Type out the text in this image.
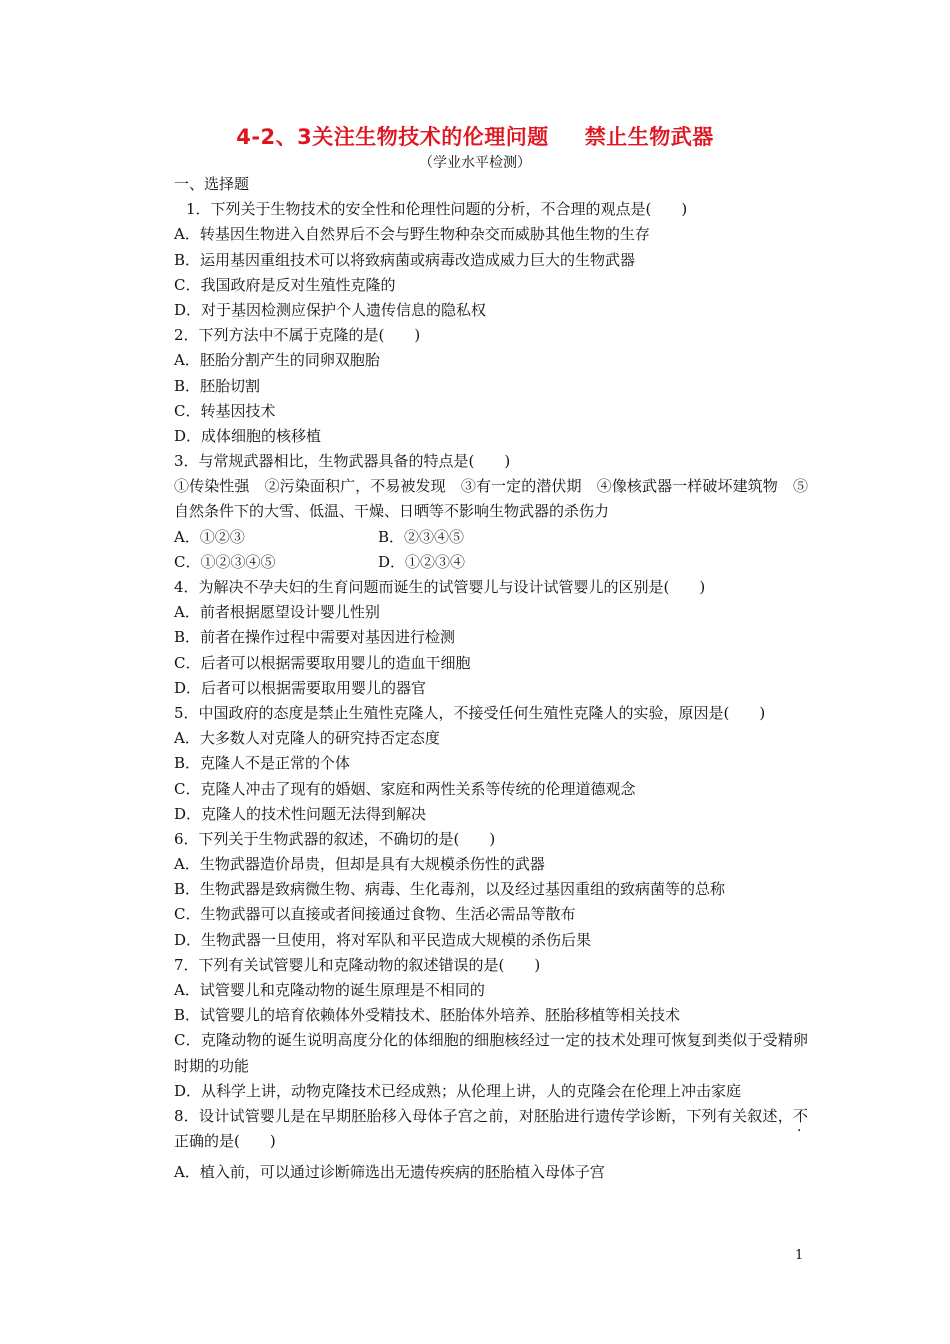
4-2、3关注生物技术的伦理问题 禁止生物武器
（学业水平检测）
一、选择题
1．下列关于生物技术的安全性和伦理性问题的分析，不合理的观点是(　　)
A．转基因生物进入自然界后不会与野生物种杂交而威胁其他生物的生存
B．运用基因重组技术可以将致病菌或病毒改造成威力巨大的生物武器
C．我国政府是反对生殖性克隆的
D．对于基因检测应保护个人遗传信息的隐私权
2．下列方法中不属于克隆的是(　　)
A．胚胎分割产生的同卵双胞胎
B．胚胎切割
C．转基因技术
D．成体细胞的核移植
3．与常规武器相比，生物武器具备的特点是(　　)
①传染性强　②污染面积广，不易被发现　③有一定的潜伏期　④像核武器一样破坏建筑物　⑤自然条件下的大雪、低温、干燥、日晒等不影响生物武器的杀伤力
A．①②③	B．②③④⑤
C．①②③④⑤	D．①②③④
4．为解决不孕夫妇的生育问题而诞生的试管婴儿与设计试管婴儿的区别是(　　)
A．前者根据愿望设计婴儿性别
B．前者在操作过程中需要对基因进行检测
C．后者可以根据需要取用婴儿的造血干细胞
D．后者可以根据需要取用婴儿的器官
5．中国政府的态度是禁止生殖性克隆人，不接受任何生殖性克隆人的实验，原因是(　　)
A．大多数人对克隆人的研究持否定态度
B．克隆人不是正常的个体
C．克隆人冲击了现有的婚姻、家庭和两性关系等传统的伦理道德观念
D．克隆人的技术性问题无法得到解决
6．下列关于生物武器的叙述，不确切的是(　　)
A．生物武器造价昂贵，但却是具有大规模杀伤性的武器
B．生物武器是致病微生物、病毒、生化毒剂，以及经过基因重组的致病菌等的总称
C．生物武器可以直接或者间接通过食物、生活必需品等散布
D．生物武器一旦使用，将对军队和平民造成大规模的杀伤后果
7．下列有关试管婴儿和克隆动物的叙述错误的是(　　)
A．试管婴儿和克隆动物的诞生原理是不相同的
B．试管婴儿的培育依赖体外受精技术、胚胎体外培养、胚胎移植等相关技术
C．克隆动物的诞生说明高度分化的体细胞的细胞核经过一定的技术处理可恢复到类似于受精卵时期的功能
D．从科学上讲，动物克隆技术已经成熟；从伦理上讲，人的克隆会在伦理上冲击家庭
8．设计试管婴儿是在早期胚胎移入母体子宫之前，对胚胎进行遗传学诊断，下列有关叙述，不正确的是(　　)
A．植入前，可以通过诊断筛选出无遗传疾病的胚胎植入母体子宫
1
